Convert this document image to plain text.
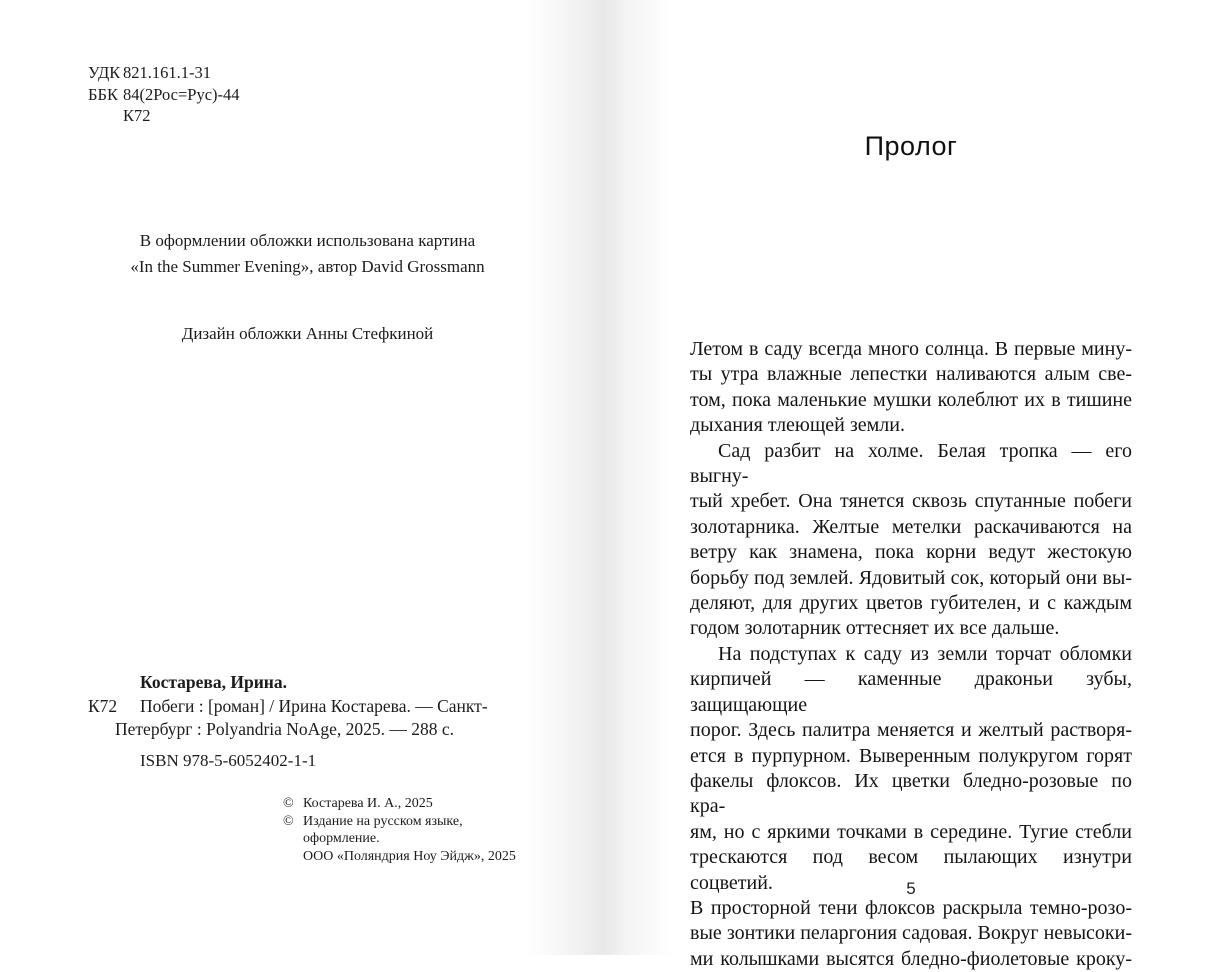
УДК 821.161.1-31
ББК 84(2Рос=Рус)-44
К72
В оформлении обложки использована картина
«In the Summer Evening», автор David Grossmann
Дизайн обложки Анны Стефкиной
Костарева, Ирина.
К72 Побеги : [роман] / Ирина Костарева. — Санкт-
Петербург : Polyandria NoAge, 2025. — 288 с.
ISBN 978-5-6052402-1-1
© Костарева И. А., 2025
© Издание на русском языке,
оформление.
ООО «Поляндрия Ноу Эйдж», 2025
Пролог
Летом в саду всегда много солнца. В первые мину-
ты утра влажные лепестки наливаются алым све-
том, пока маленькие мушки колеблют их в тишине
дыхания тлеющей земли.
Сад разбит на холме. Белая тропка — его выгну-
тый хребет. Она тянется сквозь спутанные побеги
золотарника. Желтые метелки раскачиваются на
ветру как знамена, пока корни ведут жестокую
борьбу под землей. Ядовитый сок, который они вы-
деляют, для других цветов губителен, и с каждым
годом золотарник оттесняет их все дальше.
На подступах к саду из земли торчат обломки
кирпичей — каменные драконьи зубы, защищающие
порог. Здесь палитра меняется и желтый растворя-
ется в пурпурном. Выверенным полукругом горят
факелы флоксов. Их цветки бледно-розовые по кра-
ям, но с яркими точками в середине. Тугие стебли
трескаются под весом пылающих изнутри соцветий.
В просторной тени флоксов раскрыла темно-розо-
вые зонтики пеларгония садовая. Вокруг невысоки-
ми колышками высятся бледно-фиолетовые кроку-
5
